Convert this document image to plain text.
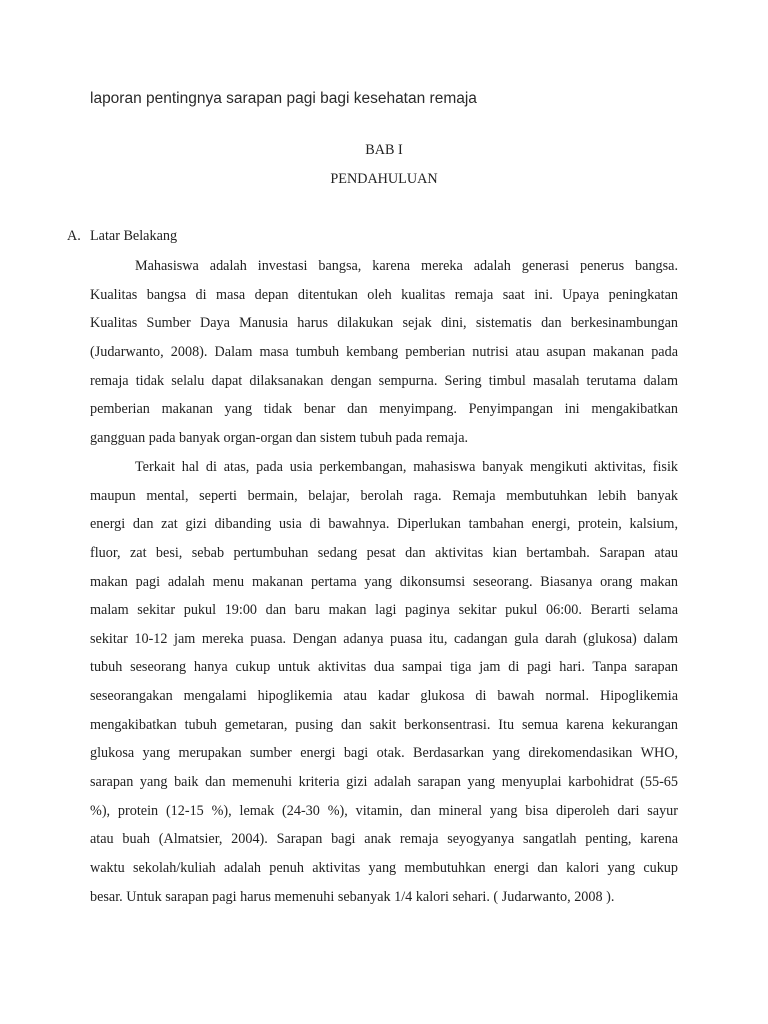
laporan pentingnya sarapan pagi bagi kesehatan remaja
BAB I
PENDAHULUAN
A. Latar Belakang
Mahasiswa adalah investasi bangsa, karena mereka adalah generasi penerus bangsa.
Kualitas bangsa di masa depan ditentukan oleh kualitas remaja saat ini. Upaya peningkatan
Kualitas Sumber Daya Manusia harus dilakukan sejak dini, sistematis dan berkesinambungan
(Judarwanto, 2008). Dalam masa tumbuh kembang pemberian nutrisi atau asupan makanan pada
remaja tidak selalu dapat dilaksanakan dengan sempurna. Sering timbul masalah terutama dalam
pemberian makanan yang tidak benar dan menyimpang. Penyimpangan ini mengakibatkan
gangguan pada banyak organ-organ dan sistem tubuh pada remaja.
Terkait hal di atas, pada usia perkembangan, mahasiswa banyak mengikuti aktivitas, fisik
maupun mental, seperti bermain, belajar, berolah raga. Remaja membutuhkan lebih banyak
energi dan zat gizi dibanding usia di bawahnya. Diperlukan tambahan energi, protein, kalsium,
fluor, zat besi, sebab pertumbuhan sedang pesat dan aktivitas kian bertambah. Sarapan atau
makan pagi adalah menu makanan pertama yang dikonsumsi seseorang. Biasanya orang makan
malam sekitar pukul 19:00 dan baru makan lagi paginya sekitar pukul 06:00. Berarti selama
sekitar 10-12 jam mereka puasa. Dengan adanya puasa itu, cadangan gula darah (glukosa) dalam
tubuh seseorang hanya cukup untuk aktivitas dua sampai tiga jam di pagi hari. Tanpa sarapan
seseorangakan mengalami hipoglikemia atau kadar glukosa di bawah normal. Hipoglikemia
mengakibatkan tubuh gemetaran, pusing dan sakit berkonsentrasi. Itu semua karena kekurangan
glukosa yang merupakan sumber energi bagi otak. Berdasarkan yang direkomendasikan WHO,
sarapan yang baik dan memenuhi kriteria gizi adalah sarapan yang menyuplai karbohidrat (55-65
%), protein (12-15 %), lemak (24-30 %), vitamin, dan mineral yang bisa diperoleh dari sayur
atau buah (Almatsier, 2004). Sarapan bagi anak remaja seyogyanya sangatlah penting, karena
waktu sekolah/kuliah adalah penuh aktivitas yang membutuhkan energi dan kalori yang cukup
besar. Untuk sarapan pagi harus memenuhi sebanyak 1/4 kalori sehari. ( Judarwanto, 2008 ).
